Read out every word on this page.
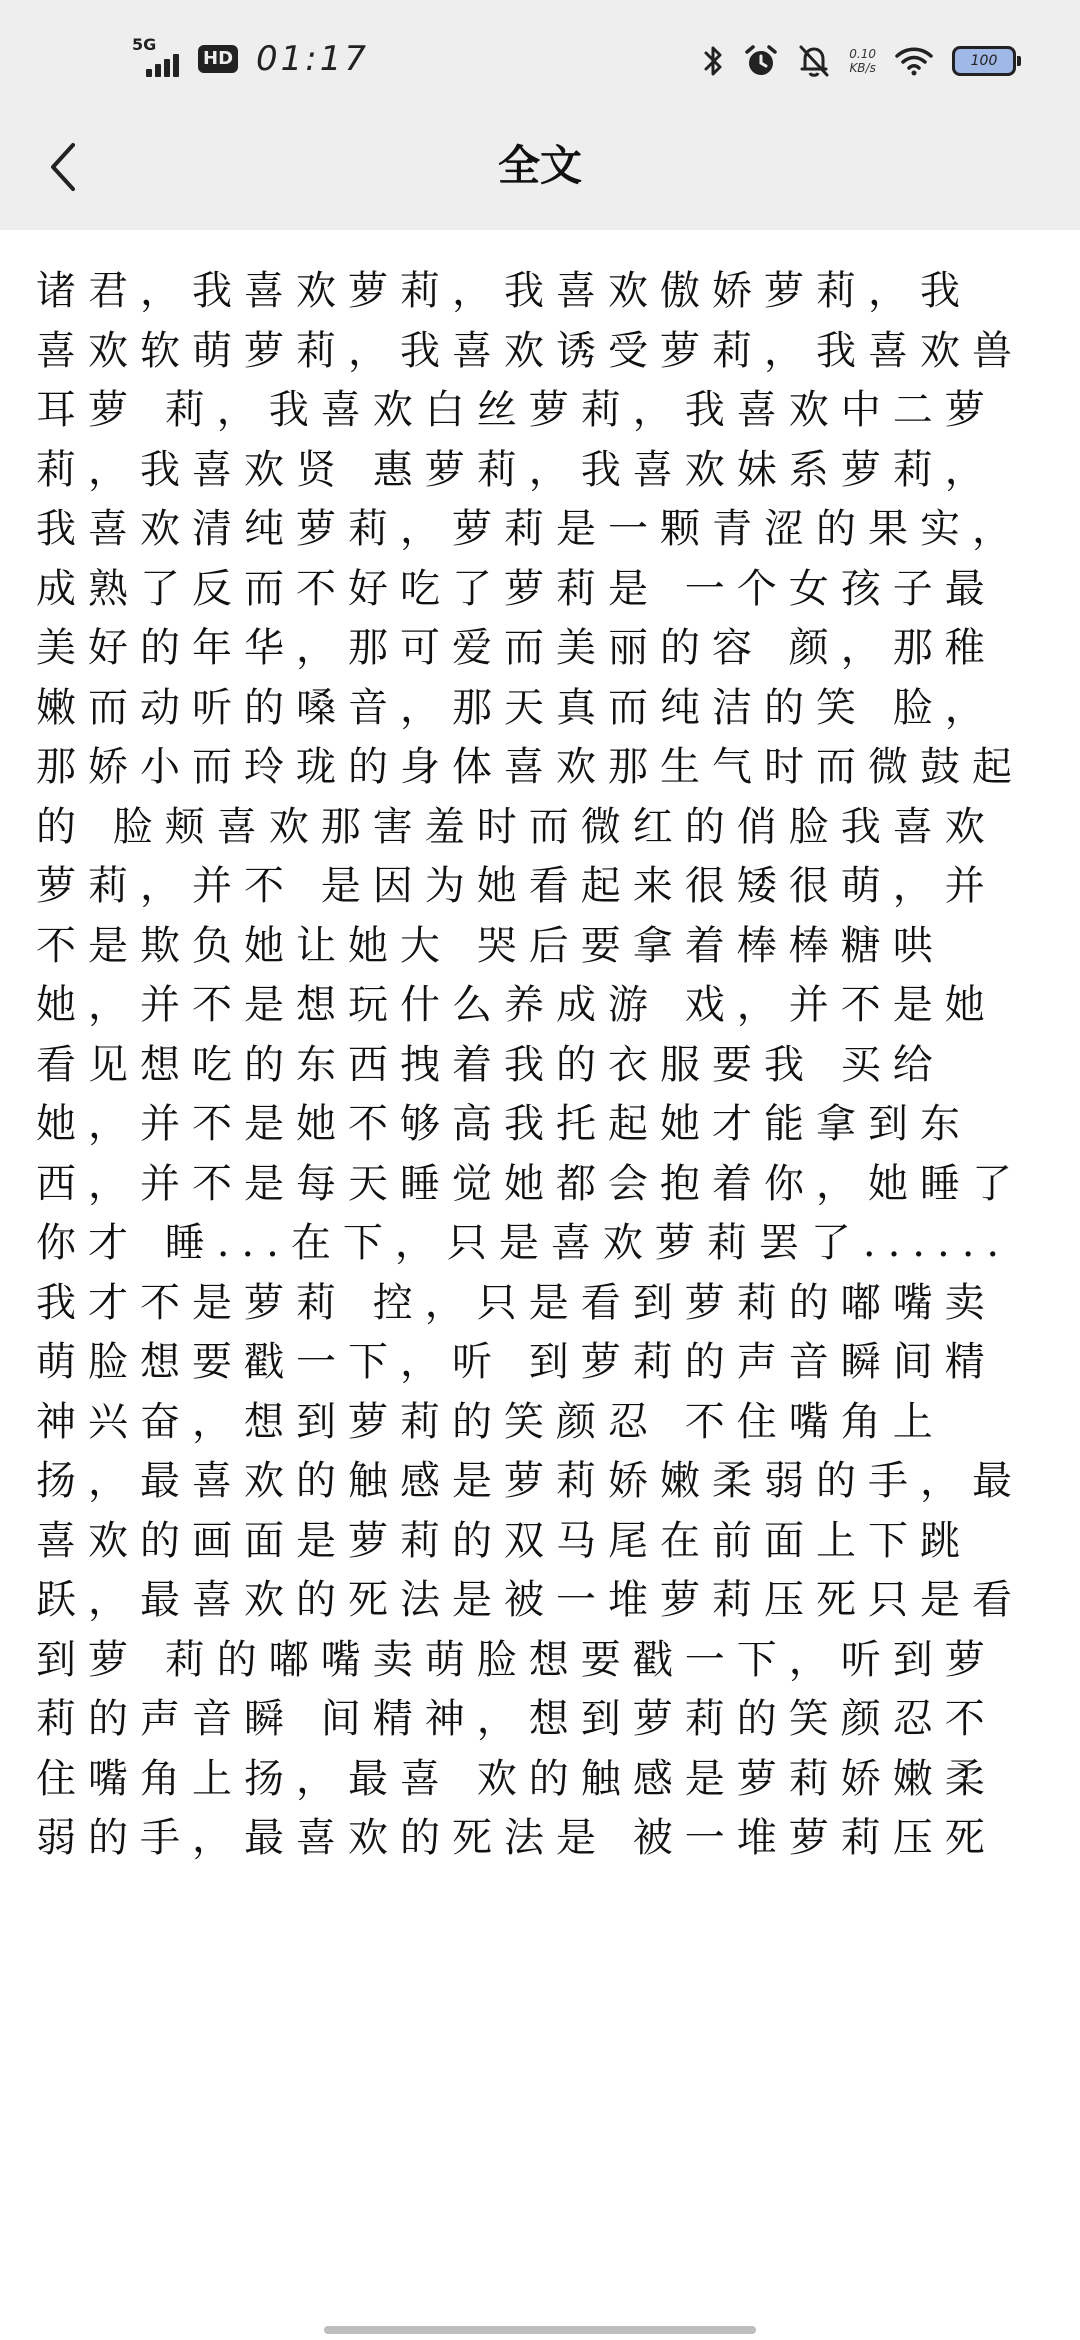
5G
HD 01:17	0.10
KB/s	100
全文
诸君，我喜欢萝莉，我喜欢傲娇萝莉，我 喜欢软萌萝莉，我喜欢诱受萝莉，我喜欢兽耳萝 莉，我喜欢白丝萝莉，我喜欢中二萝莉，我喜欢贤 惠萝莉，我喜欢妹系萝莉，我喜欢清纯萝莉，萝莉是一颗青涩的果实，成熟了反而不好吃了萝莉是 一个女孩子最美好的年华，那可爱而美丽的容 颜，那稚嫩而动听的嗓音，那天真而纯洁的笑 脸，那娇小而玲珑的身体喜欢那生气时而微鼓起的 脸颊喜欢那害羞时而微红的俏脸我喜欢萝莉，并不 是因为她看起来很矮很萌，并不是欺负她让她大 哭后要拿着棒棒糖哄她，并不是想玩什么养成游 戏，并不是她看见想吃的东西拽着我的衣服要我 买给她，并不是她不够高我托起她才能拿到东 西，并不是每天睡觉她都会抱着你，她睡了你才 睡...在下，只是喜欢萝莉罢了......我才不是萝莉 控，只是看到萝莉的嘟嘴卖萌脸想要戳一下，听 到萝莉的声音瞬间精神兴奋，想到萝莉的笑颜忍 不住嘴角上扬，最喜欢的触感是萝莉娇嫩柔弱的手，最喜欢的画面是萝莉的双马尾在前面上下跳跃，最喜欢的死法是被一堆萝莉压死只是看到萝 莉的嘟嘴卖萌脸想要戳一下，听到萝莉的声音瞬 间精神，想到萝莉的笑颜忍不住嘴角上扬，最喜 欢的触感是萝莉娇嫩柔弱的手，最喜欢的死法是 被一堆萝莉压死
